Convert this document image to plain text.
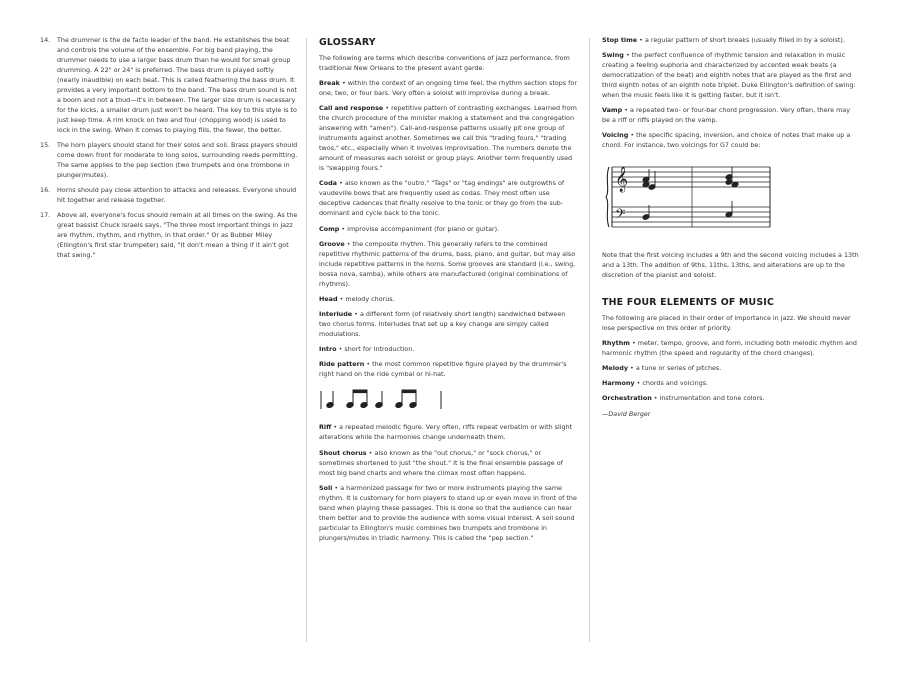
14.	The drummer is the de facto leader of the band. He establishes the beat and controls the volume of the ensemble. For big band playing, the drummer needs to use a larger bass drum than he would for small group drumming. A 22" or 24" is preferred. The bass drum is played softly (nearly inaudible) on each beat. This is called feathering the bass drum. It provides a very important bottom to the band. The bass drum sound is not a boom and not a thud—it's in between. The larger size drum is necessary for the kicks, a smaller drum just won't be heard. The key to this style is to just keep time. A rim knock on two and four (chopping wood) is used to lock in the swing. When it comes to playing fills, the fewer, the better.
15.	The horn players should stand for their solos and soli. Brass players should come down front for moderate to long solos, surrounding reeds permitting. The same applies to the pep section (two trumpets and one trombone in plunger/mutes).
16.	Horns should pay close attention to attacks and releases. Everyone should hit together and release together.
17.	Above all, everyone's focus should remain at all times on the swing. As the great bassist Chuck Israels says, "The three most important things in jazz are rhythm, rhythm, and rhythm, in that order." Or as Bubber Miley (Ellington's first star trumpeter) said, "It don't mean a thing if it ain't got that swing."
GLOSSARY

The following are terms which describe conventions of jazz performance, from traditional New Orleans to the present avant garde.

Break • within the context of an ongoing time feel, the rhythm section stops for one, two, or four bars. Very often a soloist will improvise during a break.

Call and response • repetitive pattern of contrasting exchanges. Learned from the church procedure of the minister making a statement and the congregation answering with "amen"). Call-and-response patterns usually pit one group of instruments against another. Sometimes we call this "trading fours," "trading twos," etc., especially when it involves improvisation. The numbers denote the amount of measures each soloist or group plays. Another term frequently used is "swapping fours."

Coda • also known as the "outro." "Tags" or "tag endings" are outgrowths of vaudeville bows that are frequently used as codas. They most often use deceptive cadences that finally resolve to the tonic or they go from the sub-dominant and cycle back to the tonic.

Comp • improvise accompaniment (for piano or guitar).

Groove • the composite rhythm. This generally refers to the combined repetitive rhythmic patterns of the drums, bass, piano, and guitar, but may also include repetitive patterns in the horns. Some grooves are standard (i.e., swing, bossa nova, samba), while others are manufactured (original combinations of rhythms).

Head • melody chorus.

Interlude • a different form (of relatively short length) sandwiched between two chorus forms. Interludes that set up a key change are simply called modulations.

Intro • short for introduction.

Ride pattern • the most common repetitive figure played by the drummer's right hand on the ride cymbal or hi-hat.

Riff • a repeated melodic figure. Very often, riffs repeat verbatim or with slight alterations while the harmonies change underneath them.

Shout chorus • also known as the "out chorus," or "sock chorus," or sometimes shortened to just "the shout." It is the final ensemble passage of most big band charts and where the climax most often happens.

Soli • a harmonized passage for two or more instruments playing the same rhythm. It is customary for horn players to stand up or even move in front of the band when playing these passages. This is done so that the audience can hear them better and to provide the audience with some visual interest. A soli sound particular to Ellington's music combines two trumpets and trombone in plungers/mutes in triadic harmony. This is called the "pep section."

Stop time • a regular pattern of short breaks (usually filled in by a soloist).

Swing • the perfect confluence of rhythmic tension and relaxation in music creating a feeling euphoria and characterized by accented weak beats (a democratization of the beat) and eighth notes that are played as the first and third eighth notes of an eighth note triplet. Duke Ellington's definition of swing: when the music feels like it is getting faster, but it isn't.

Vamp • a repeated two- or four-bar chord progression. Very often, there may be a riff or riffs played on the vamp.

Voicing • the specific spacing, inversion, and choice of notes that make up a chord. For instance, two voicings for G7 could be:

𝄞
𝄢

Note that the first voicing includes a 9th and the second voicing includes a 13th and a 13th. The addition of 9ths, 11ths, 13ths, and alterations are up to the discretion of the pianist and soloist.

THE FOUR ELEMENTS OF MUSIC

The following are placed in their order of importance in jazz. We should never lose perspective on this order of priority.

Rhythm • meter, tempo, groove, and form, including both melodic rhythm and harmonic rhythm (the speed and regularity of the chord changes).

Melody • a tune or series of pitches.

Harmony • chords and voicings.

Orchestration • instrumentation and tone colors.

—David Berger
